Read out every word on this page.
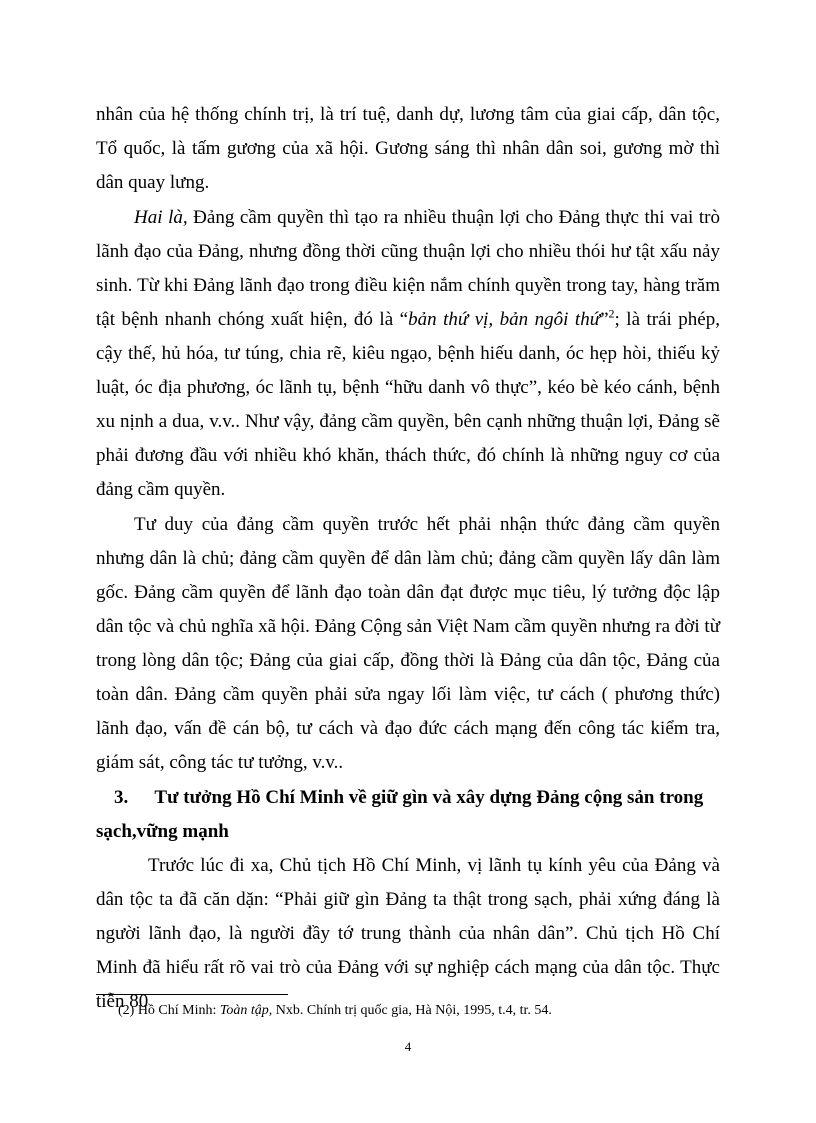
nhân của hệ thống chính trị, là trí tuệ, danh dự, lương tâm của giai cấp, dân tộc, Tổ quốc, là tấm gương của xã hội. Gương sáng thì nhân dân soi, gương mờ thì dân quay lưng.

Hai là, Đảng cầm quyền thì tạo ra nhiều thuận lợi cho Đảng thực thi vai trò lãnh đạo của Đảng, nhưng đồng thời cũng thuận lợi cho nhiều thói hư tật xấu nảy sinh. Từ khi Đảng lãnh đạo trong điều kiện nắm chính quyền trong tay, hàng trăm tật bệnh nhanh chóng xuất hiện, đó là “bản thứ vị, bản ngôi thứ”$^2$; là trái phép, cậy thế, hủ hóa, tư túng, chia rẽ, kiêu ngạo, bệnh hiếu danh, óc hẹp hòi, thiếu kỷ luật, óc địa phương, óc lãnh tụ, bệnh “hữu danh vô thực”, kéo bè kéo cánh, bệnh xu nịnh a dua, v.v.. Như vậy, đảng cầm quyền, bên cạnh những thuận lợi, Đảng sẽ phải đương đầu với nhiều khó khăn, thách thức, đó chính là những nguy cơ của đảng cầm quyền.

Tư duy của đảng cầm quyền trước hết phải nhận thức đảng cầm quyền nhưng dân là chủ; đảng cầm quyền để dân làm chủ; đảng cầm quyền lấy dân làm gốc. Đảng cầm quyền để lãnh đạo toàn dân đạt được mục tiêu, lý tưởng độc lập dân tộc và chủ nghĩa xã hội. Đảng Cộng sản Việt Nam cầm quyền nhưng ra đời từ trong lòng dân tộc; Đảng của giai cấp, đồng thời là Đảng của dân tộc, Đảng của toàn dân. Đảng cầm quyền phải sửa ngay lối làm việc, tư cách ( phương thức) lãnh đạo, vấn đề cán bộ, tư cách và đạo đức cách mạng đến công tác kiểm tra, giám sát, công tác tư tưởng, v.v..

3. Tư tưởng Hồ Chí Minh về giữ gìn và xây dựng Đảng cộng sản trong sạch,vững mạnh

Trước lúc đi xa, Chủ tịch Hồ Chí Minh, vị lãnh tụ kính yêu của Đảng và dân tộc ta đã căn dặn: “Phải giữ gìn Đảng ta thật trong sạch, phải xứng đáng là người lãnh đạo, là người đầy tớ trung thành của nhân dân”. Chủ tịch Hồ Chí Minh đã hiểu rất rõ vai trò của Đảng với sự nghiệp cách mạng của dân tộc. Thực tiễn 80

(2) Hồ Chí Minh: Toàn tập, Nxb. Chính trị quốc gia, Hà Nội, 1995, t.4, tr. 54.

4
